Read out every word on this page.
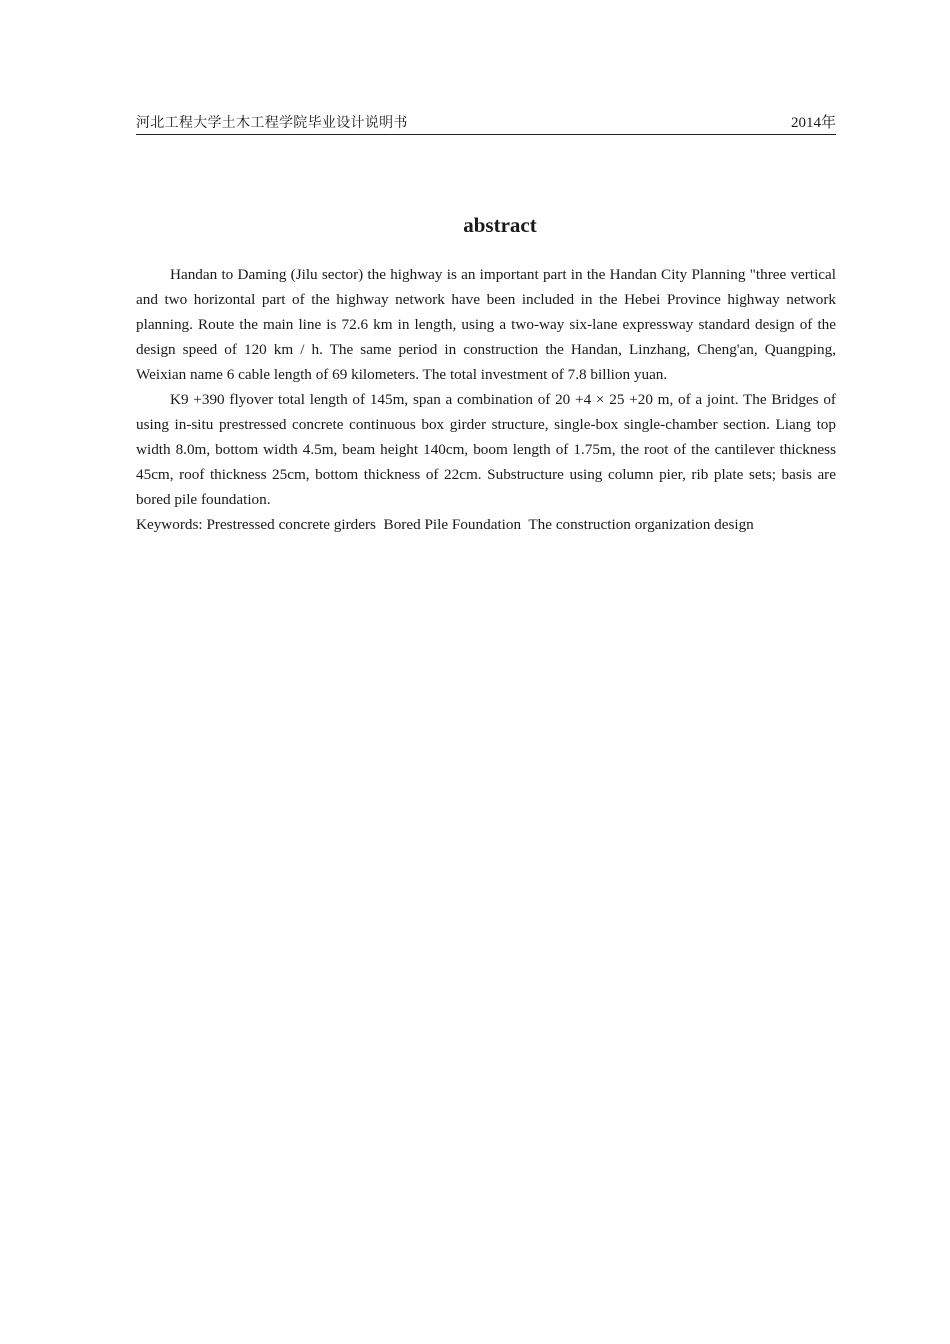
河北工程大学土木工程学院毕业设计说明书	2014年
abstract

Handan to Daming (Jilu sector) the highway is an important part in the Handan City Planning "three vertical and two horizontal part of the highway network have been included in the Hebei Province highway network planning. Route the main line is 72.6 km in length, using a two-way six-lane expressway standard design of the design speed of 120 km / h. The same period in construction the Handan, Linzhang, Cheng'an, Quangping, Weixian name 6 cable length of 69 kilometers. The total investment of 7.8 billion yuan.

K9 +390 flyover total length of 145m, span a combination of 20 +4 × 25 +20 m, of a joint. The Bridges of using in-situ prestressed concrete continuous box girder structure, single-box single-chamber section. Liang top width 8.0m, bottom width 4.5m, beam height 140cm, boom length of 1.75m, the root of the cantilever thickness 45cm, roof thickness 25cm, bottom thickness of 22cm. Substructure using column pier, rib plate sets; basis are bored pile foundation.

Keywords: Prestressed concrete girders  Bored Pile Foundation  The construction organization design
